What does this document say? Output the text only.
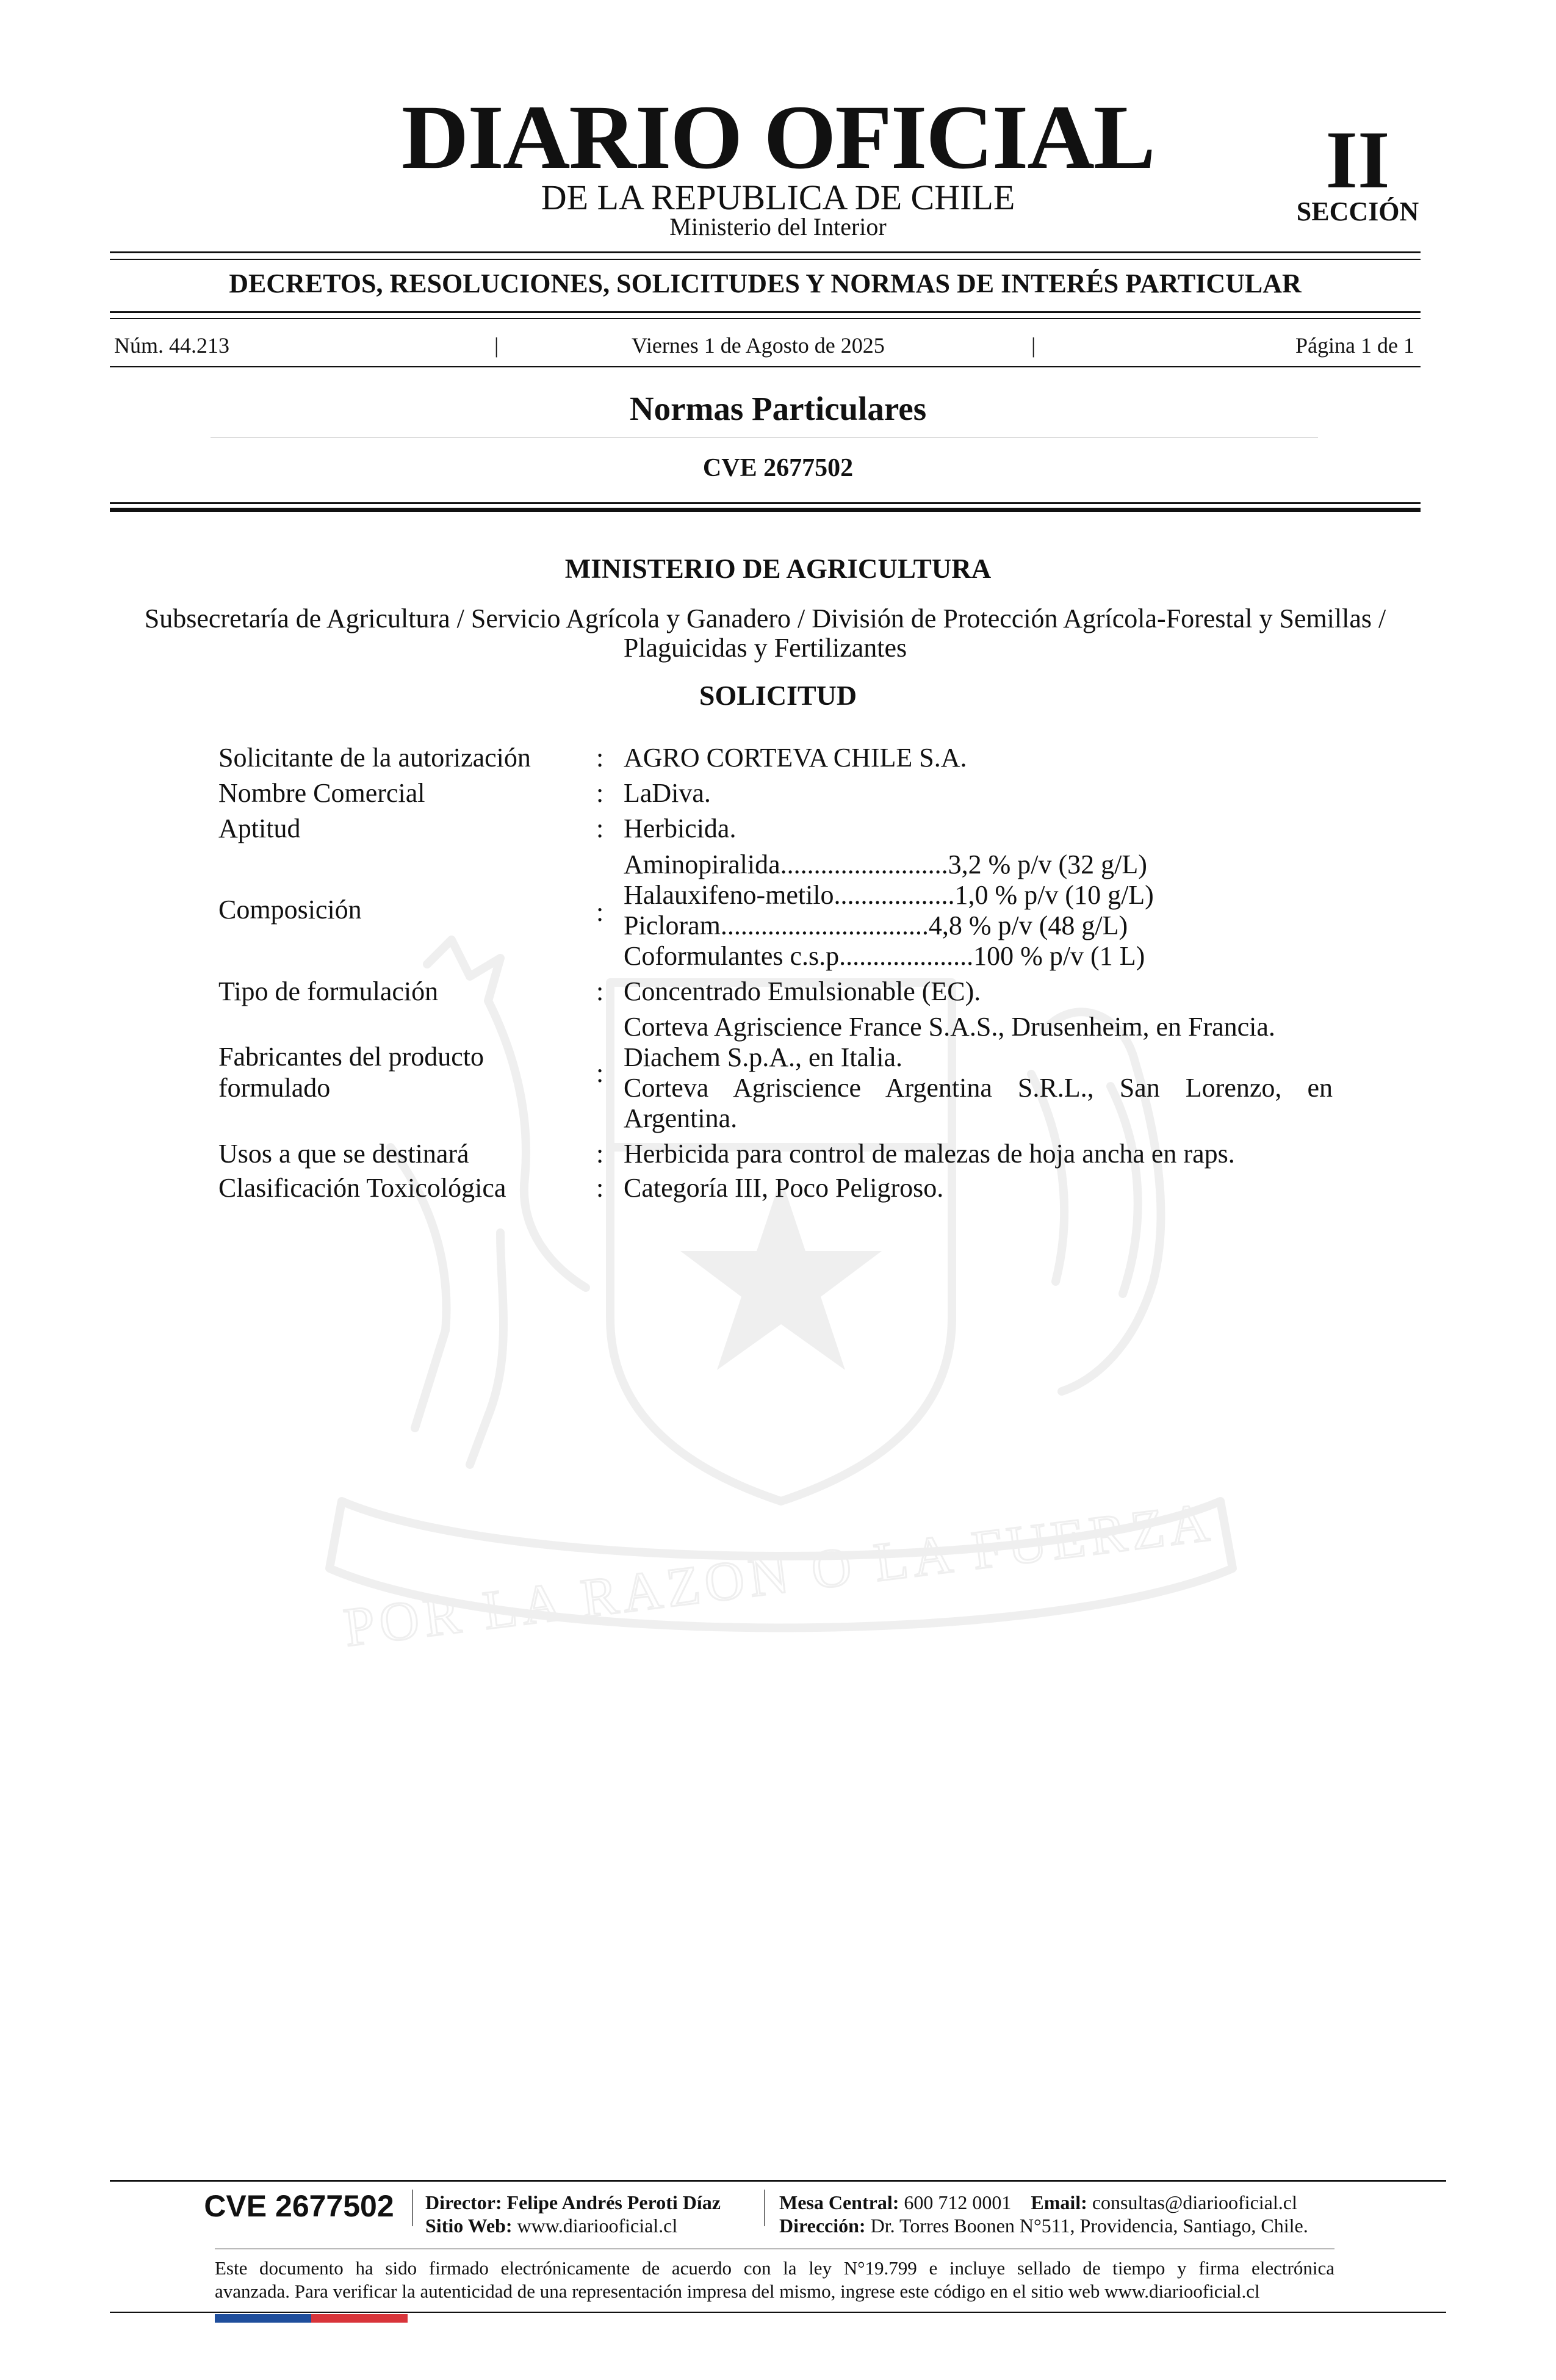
DIARIO OFICIAL
DE LA REPUBLICA DE CHILE
Ministerio del Interior
II
SECCIÓN
DECRETOS, RESOLUCIONES, SOLICITUDES Y NORMAS DE INTERÉS PARTICULAR
Núm. 44.213	|	Viernes 1 de Agosto de 2025	|	Página 1 de 1
Normas Particulares
CVE 2677502
POR LA RAZON O LA FUERZA
MINISTERIO DE AGRICULTURA
Subsecretaría de Agricultura / Servicio Agrícola y Ganadero / División de Protección Agrícola-Forestal y Semillas /
Plaguicidas y Fertilizantes
SOLICITUD
Solicitante de la autorización : AGRO CORTEVA CHILE S.A.
Nombre Comercial	: LaDiva.
Aptitud	: Herbicida.
Composición	:
Aminopiralida.........................3,2 % p/v (32 g/L)
Halauxifeno-metilo..................1,0 % p/v (10 g/L)
Picloram...............................4,8 % p/v (48 g/L)
Coformulantes c.s.p....................100 % p/v (1 L)
Tipo de formulación	: Concentrado Emulsionable (EC).
Fabricantes del producto
formulado	:
Corteva Agriscience France S.A.S., Drusenheim, en Francia.
Diachem S.p.A., en Italia.
Corteva Agriscience Argentina S.R.L., San Lorenzo, en
Argentina.
Usos a que se destinará	: Herbicida para control de malezas de hoja ancha en raps.
Clasificación Toxicológica	: Categoría III, Poco Peligroso.
CVE 2677502	Director: Felipe Andrés Peroti Díaz
Sitio Web: www.diariooficial.cl
Mesa Central: 600 712 0001 Email: consultas@diariooficial.cl
Dirección: Dr. Torres Boonen N°511, Providencia, Santiago, Chile.
Este documento ha sido firmado electrónicamente de acuerdo con la ley N°19.799 e incluye sellado de tiempo y firma electrónica
avanzada. Para verificar la autenticidad de una representación impresa del mismo, ingrese este código en el sitio web www.diariooficial.cl
